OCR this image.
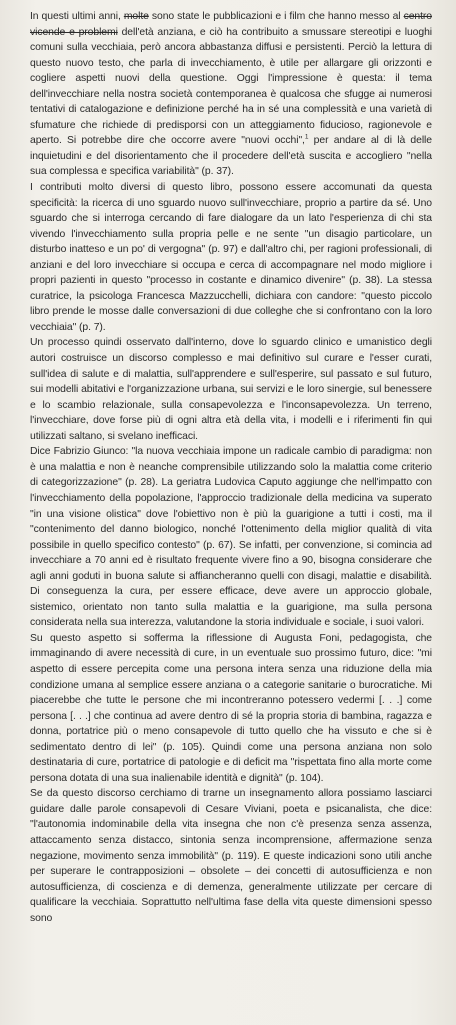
In questi ultimi anni, molte sono state le pubblicazioni e i film che hanno messo al centro vicende e problemi dell'età anziana, e ciò ha contribuito a smussare stereotipi e luoghi comuni sulla vecchiaia, però ancora abbastanza diffusi e persistenti. Perciò la lettura di questo nuovo testo, che parla di invecchiamento, è utile per allargare gli orizzonti e cogliere aspetti nuovi della questione. Oggi l'impressione è questa: il tema dell'invecchiare nella nostra società contemporanea è qualcosa che sfugge ai numerosi tentativi di catalogazione e definizione perché ha in sé una complessità e una varietà di sfumature che richiede di predisporsi con un atteggiamento fiducioso, ragionevole e aperto. Si potrebbe dire che occorre avere "nuovi occhi",$^1$ per andare al di là delle inquietudini e del disorientamento che il procedere dell'età suscita e accogliero "nella sua complessa e specifica variabilità" (p. 37).

I contributi molto diversi di questo libro, possono essere accomunati da questa specificità: la ricerca di uno sguardo nuovo sull'invecchiare, proprio a partire da sé. Uno sguardo che si interroga cercando di fare dialogare da un lato l'esperienza di chi sta vivendo l'invecchiamento sulla propria pelle e ne sente "un disagio particolare, un disturbo inatteso e un po' di vergogna" (p. 97) e dall'altro chi, per ragioni professionali, di anziani e del loro invecchiare si occupa e cerca di accompagnare nel modo migliore i propri pazienti in questo "processo in costante e dinamico divenire" (p. 38). La stessa curatrice, la psicologa Francesca Mazzucchelli, dichiara con candore: "questo piccolo libro prende le mosse dalle conversazioni di due colleghe che si confrontano con la loro vecchiaia" (p. 7).

Un processo quindi osservato dall'interno, dove lo sguardo clinico e umanistico degli autori costruisce un discorso complesso e mai definitivo sul curare e l'esser curati, sull'idea di salute e di malattia, sull'apprendere e sull'esperire, sul passato e sul futuro, sui modelli abitativi e l'organizzazione urbana, sui servizi e le loro sinergie, sul benessere e lo scambio relazionale, sulla consapevolezza e l'inconsapevolezza. Un terreno, l'invecchiare, dove forse più di ogni altra età della vita, i modelli e i riferimenti fin qui utilizzati saltano, si svelano inefficaci.

Dice Fabrizio Giunco: "la nuova vecchiaia impone un radicale cambio di paradigma: non è una malattia e non è neanche comprensibile utilizzando solo la malattia come criterio di categorizzazione" (p. 28). La geriatra Ludovica Caputo aggiunge che nell'impatto con l'invecchiamento della popolazione, l'approccio tradizionale della medicina va superato "in una visione olistica" dove l'obiettivo non è più la guarigione a tutti i costi, ma il "contenimento del danno biologico, nonché l'ottenimento della miglior qualità di vita possibile in quello specifico contesto" (p. 67). Se infatti, per convenzione, si comincia ad invecchiare a 70 anni ed è risultato frequente vivere fino a 90, bisogna considerare che agli anni goduti in buona salute si affiancheranno quelli con disagi, malattie e disabilità. Di conseguenza la cura, per essere efficace, deve avere un approccio globale, sistemico, orientato non tanto sulla malattia e la guarigione, ma sulla persona considerata nella sua interezza, valutandone la storia individuale e sociale, i suoi valori.

Su questo aspetto si sofferma la riflessione di Augusta Foni, pedagogista, che immaginando di avere necessità di cure, in un eventuale suo prossimo futuro, dice: "mi aspetto di essere percepita come una persona intera senza una riduzione della mia condizione umana al semplice essere anziana o a categorie sanitarie o burocratiche. Mi piacerebbe che tutte le persone che mi incontreranno potessero vedermi [. . .] come persona [. . .] che continua ad avere dentro di sé la propria storia di bambina, ragazza e donna, portatrice più o meno consapevole di tutto quello che ha vissuto e che si è sedimentato dentro di lei" (p. 105). Quindi come una persona anziana non solo destinataria di cure, portatrice di patologie e di deficit ma "rispettata fino alla morte come persona dotata di una sua inalienabile identità e dignità" (p. 104).

Se da questo discorso cerchiamo di trarne un insegnamento allora possiamo lasciarci guidare dalle parole consapevoli di Cesare Viviani, poeta e psicanalista, che dice: "l'autonomia indominabile della vita insegna che non c'è presenza senza assenza, attaccamento senza distacco, sintonia senza incomprensione, affermazione senza negazione, movimento senza immobilità" (p. 119). E queste indicazioni sono utili anche per superare le contrapposizioni – obsolete – dei concetti di autosufficienza e non autosufficienza, di coscienza e di demenza, generalmente utilizzate per cercare di qualificare la vecchiaia. Soprattutto nell'ultima fase della vita queste dimensioni spesso sono
